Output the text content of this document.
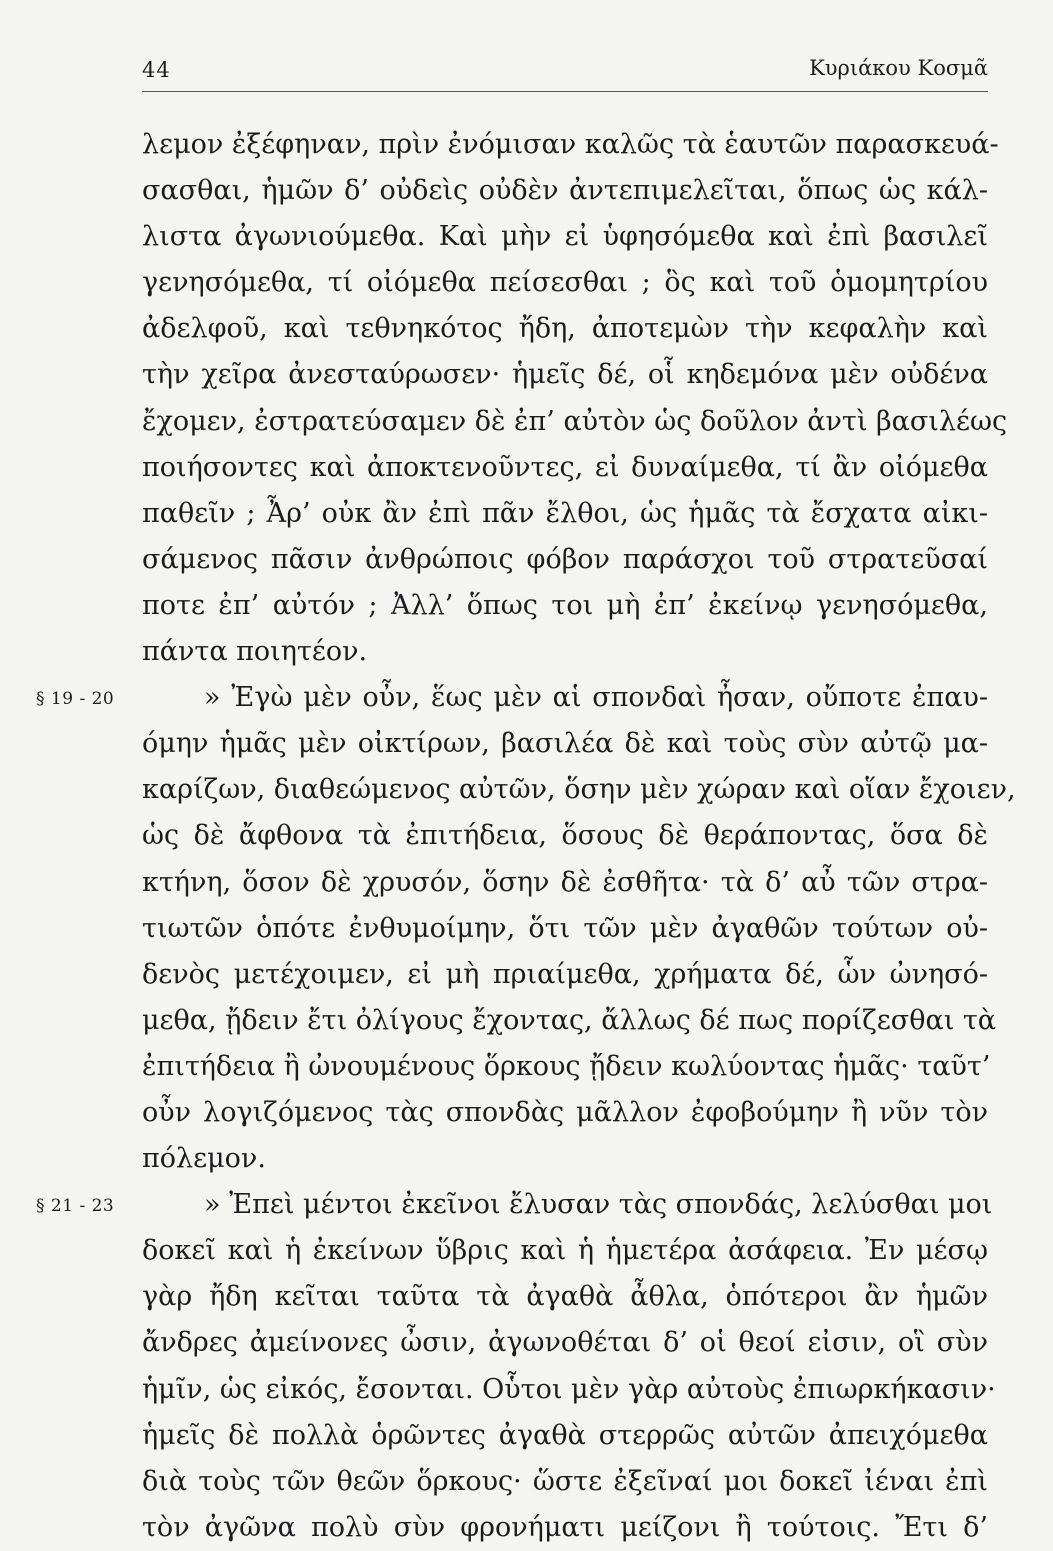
44	Κυριάκου Κοσμᾶ
λεμον ἐξέφηναν, πρὶν ἐνόμισαν καλῶς τὰ ἑαυτῶν παρασκευά-
σασθαι, ἡμῶν δ’ οὐδεὶς οὐδὲν ἀντεπιμελεῖται, ὅπως ὡς κάλ-
λιστα ἀγωνιούμεθα. Καὶ μὴν εἰ ὑφησόμεθα καὶ ἐπὶ βασιλεῖ
γενησόμεθα, τί οἰόμεθα πείσεσθαι ; ὃς καὶ τοῦ ὁμομητρίου
ἀδελφοῦ, καὶ τεθνηκότος ἤδη, ἀποτεμὼν τὴν κεφαλὴν καὶ
τὴν χεῖρα ἀνεσταύρωσεν· ἡμεῖς δέ, οἷ κηδεμόνα μὲν οὐδένα
ἔχομεν, ἐστρατεύσαμεν δὲ ἐπ’ αὐτὸν ὡς δοῦλον ἀντὶ βασιλέως
ποιήσοντες καὶ ἀποκτενοῦντες, εἰ δυναίμεθα, τί ἂν οἰόμεθα
παθεῖν ; Ἆρ’ οὐκ ἂν ἐπὶ πᾶν ἔλθοι, ὡς ἡμᾶς τὰ ἔσχατα αἰκι-
σάμενος πᾶσιν ἀνθρώποις φόβον παράσχοι τοῦ στρατεῦσαί
ποτε ἐπ’ αὐτόν ; Ἀλλ’ ὅπως τοι μὴ ἐπ’ ἐκείνῳ γενησόμεθα,
πάντα ποιητέον.
§ 19 - 20	» Ἐγὼ μὲν οὖν, ἕως μὲν αἱ σπονδαὶ ἦσαν, οὔποτε ἐπαυ-
όμην ἡμᾶς μὲν οἰκτίρων, βασιλέα δὲ καὶ τοὺς σὺν αὐτῷ μα-
καρίζων, διαθεώμενος αὐτῶν, ὅσην μὲν χώραν καὶ οἵαν ἔχοιεν,
ὡς δὲ ἄφθονα τὰ ἐπιτήδεια, ὅσους δὲ θεράποντας, ὅσα δὲ
κτήνη, ὅσον δὲ χρυσόν, ὅσην δὲ ἐσθῆτα· τὰ δ’ αὖ τῶν στρα-
τιωτῶν ὁπότε ἐνθυμοίμην, ὅτι τῶν μὲν ἀγαθῶν τούτων οὐ-
δενὸς μετέχοιμεν, εἰ μὴ πριαίμεθα, χρήματα δέ, ὧν ὠνησό-
μεθα, ᾔδειν ἔτι ὀλίγους ἔχοντας, ἄλλως δέ πως πορίζεσθαι τὰ
ἐπιτήδεια ἢ ὠνουμένους ὅρκους ᾔδειν κωλύοντας ἡμᾶς· ταῦτ’
οὖν λογιζόμενος τὰς σπονδὰς μᾶλλον ἐφοβούμην ἢ νῦν τὸν
πόλεμον.
§ 21 - 23	» Ἐπεὶ μέντοι ἐκεῖνοι ἔλυσαν τὰς σπονδάς, λελύσθαι μοι
δοκεῖ καὶ ἡ ἐκείνων ὕβρις καὶ ἡ ἡμετέρα ἀσάφεια. Ἐν μέσῳ
γὰρ ἤδη κεῖται ταῦτα τὰ ἀγαθὰ ἆθλα, ὁπότεροι ἂν ἡμῶν
ἄνδρες ἀμείνονες ὦσιν, ἀγωνοθέται δ’ οἱ θεοί εἰσιν, οἳ σὺν
ἡμῖν, ὡς εἰκός, ἔσονται. Οὗτοι μὲν γὰρ αὐτοὺς ἐπιωρκήκασιν·
ἡμεῖς δὲ πολλὰ ὁρῶντες ἀγαθὰ στερρῶς αὐτῶν ἀπειχόμεθα
διὰ τοὺς τῶν θεῶν ὅρκους· ὥστε ἐξεῖναί μοι δοκεῖ ἰέναι ἐπὶ
τὸν ἀγῶνα πολὺ σὺν φρονήματι μείζονι ἢ τούτοις. Ἔτι δ’
